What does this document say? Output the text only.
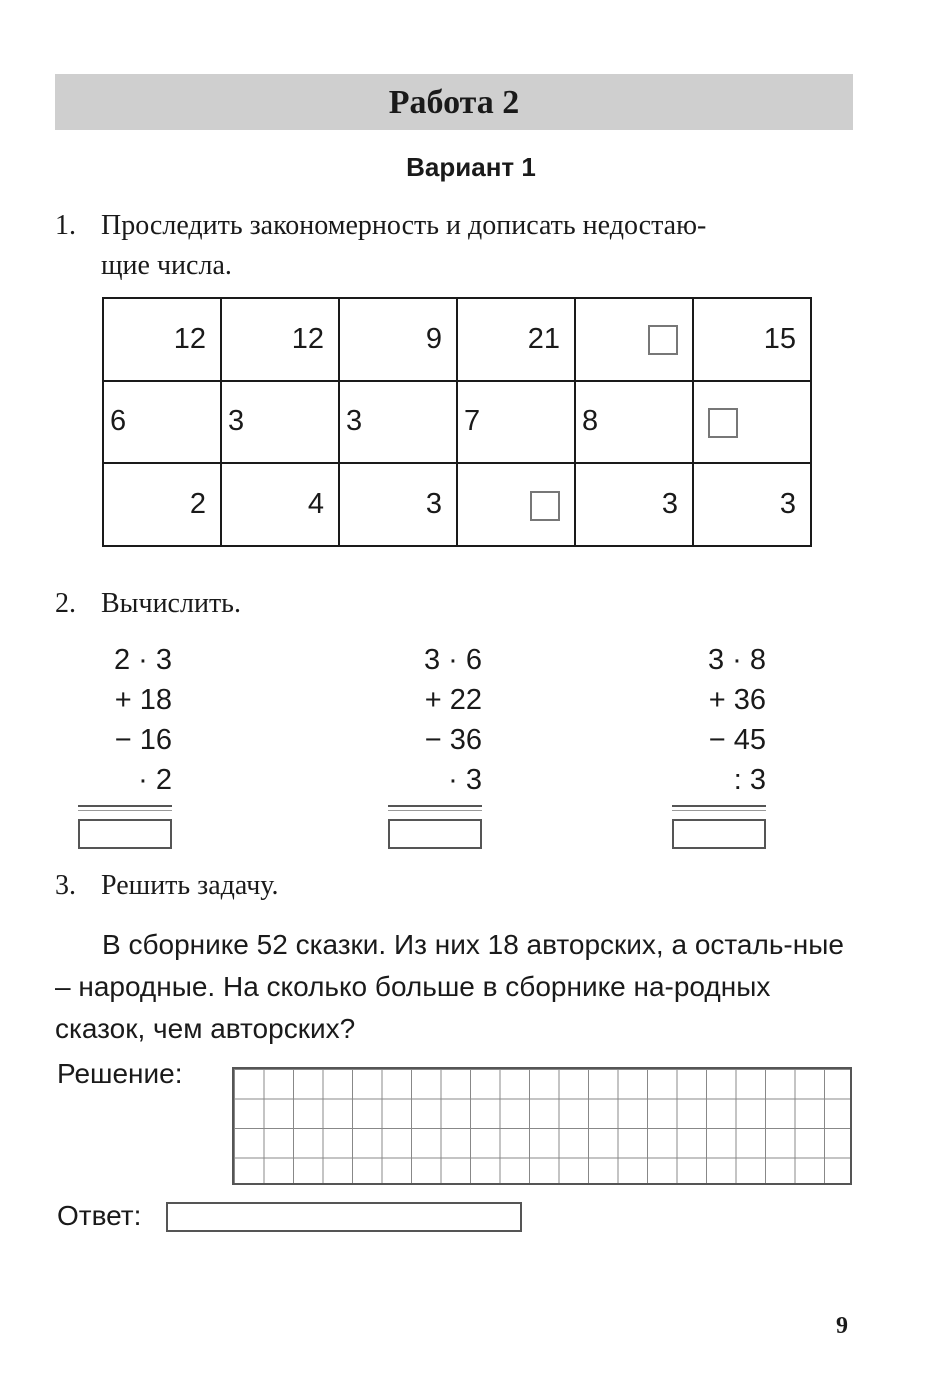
Работа 2
Вариант 1
1. Проследить закономерность и дописать недостаю-
щие числа.
12	12	9	21		15
6	3	3	7	8	
2	4	3		3	3
2. Вычислить.
2 · 3
+ 18
− 16
· 2
3 · 6
+ 22
− 36
· 3
3 · 8
+ 36
− 45
: 3
3. Решить задачу.
В сборнике 52 сказки. Из них 18 авторских, а осталь-ные – народные. На сколько больше в сборнике на-родных сказок, чем авторских?
Решение:
Ответ:
9
